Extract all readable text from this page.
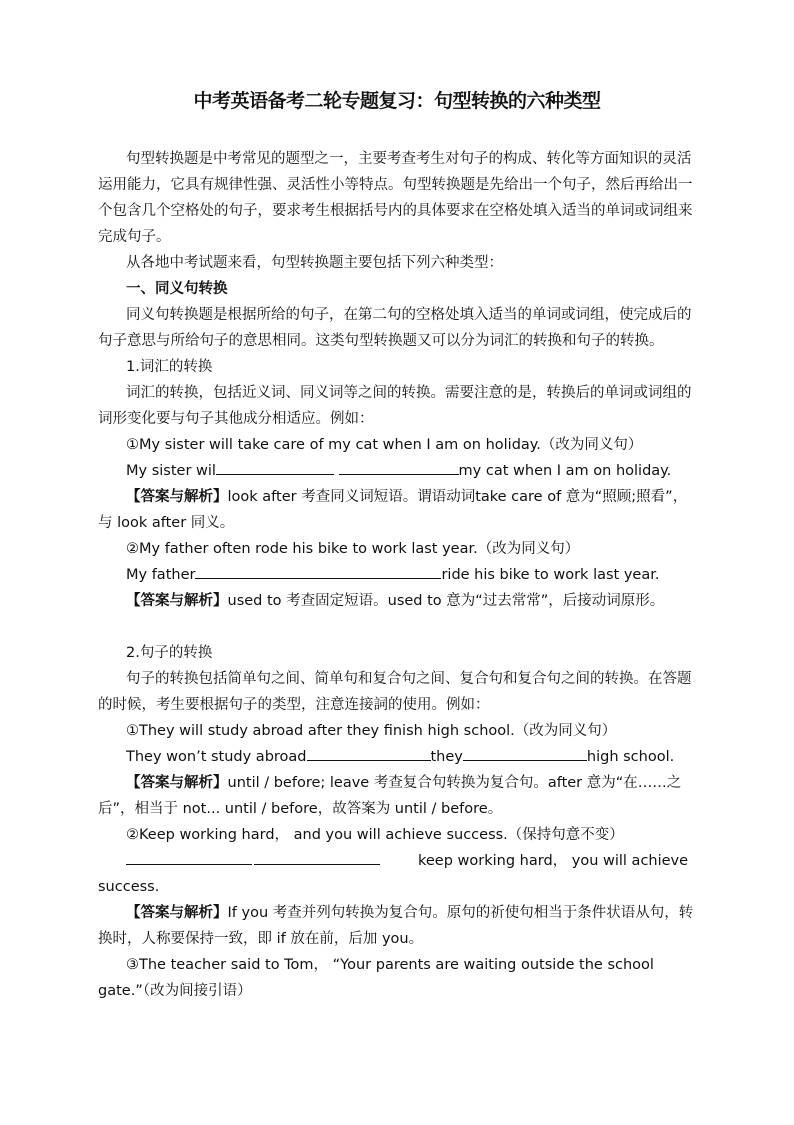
中考英语备考二轮专题复习：句型转换的六种类型

句型转换题是中考常见的题型之一，主要考查考生对句子的构成、转化等方面知识的灵活运用能力，它具有规律性强、灵活性小等特点。句型转换题是先给出一个句子，然后再给出一个包含几个空格处的句子，要求考生根据括号内的具体要求在空格处填入适当的单词或词组来完成句子。

从各地中考试题来看，句型转换题主要包括下列六种类型：

一、同义句转换

同义句转换题是根据所给的句子，在第二句的空格处填入适当的单词或词组，使完成后的句子意思与所给句子的意思相同。这类句型转换题又可以分为词汇的转换和句子的转换。

1.词汇的转换

词汇的转换，包括近义词、同义词等之间的转换。需要注意的是，转换后的单词或词组的词形变化要与句子其他成分相适应。例如：

①My sister will take care of my cat when I am on holiday.（改为同义句）

My sister wil	my cat when I am on holiday.

【答案与解析】look after 考查同义词短语。谓语动词take care of 意为“照顾;照看”，与 look after 同义。

②My father often rode his bike to work last year.（改为同义句）

My father	ride his bike to work last year.

【答案与解析】used to 考查固定短语。used to 意为“过去常常”，后接动词原形。

2.句子的转换

句子的转换包括简单句之间、简单句和复合句之间、复合句和复合句之间的转换。在答题的时候，考生要根据句子的类型，注意连接詞的使用。例如：

①They will study abroad after they finish high school.（改为同义句）

They won’t study abroad	they	high school.

【答案与解析】until / before; leave 考查复合句转换为复合句。after 意为“在……之后”，相当于 not... until / before，故答案为 until / before。

②Keep working hard， and you will achieve success.（保持句意不变）

keep working hard， you will achieve

success.

【答案与解析】If you 考查并列句转换为复合句。原句的祈使句相当于条件状语从句，转换时，人称要保持一致，即 if 放在前，后加 you。

③The teacher said to Tom， “Your parents are waiting outside the school gate.”（改为间接引语）
